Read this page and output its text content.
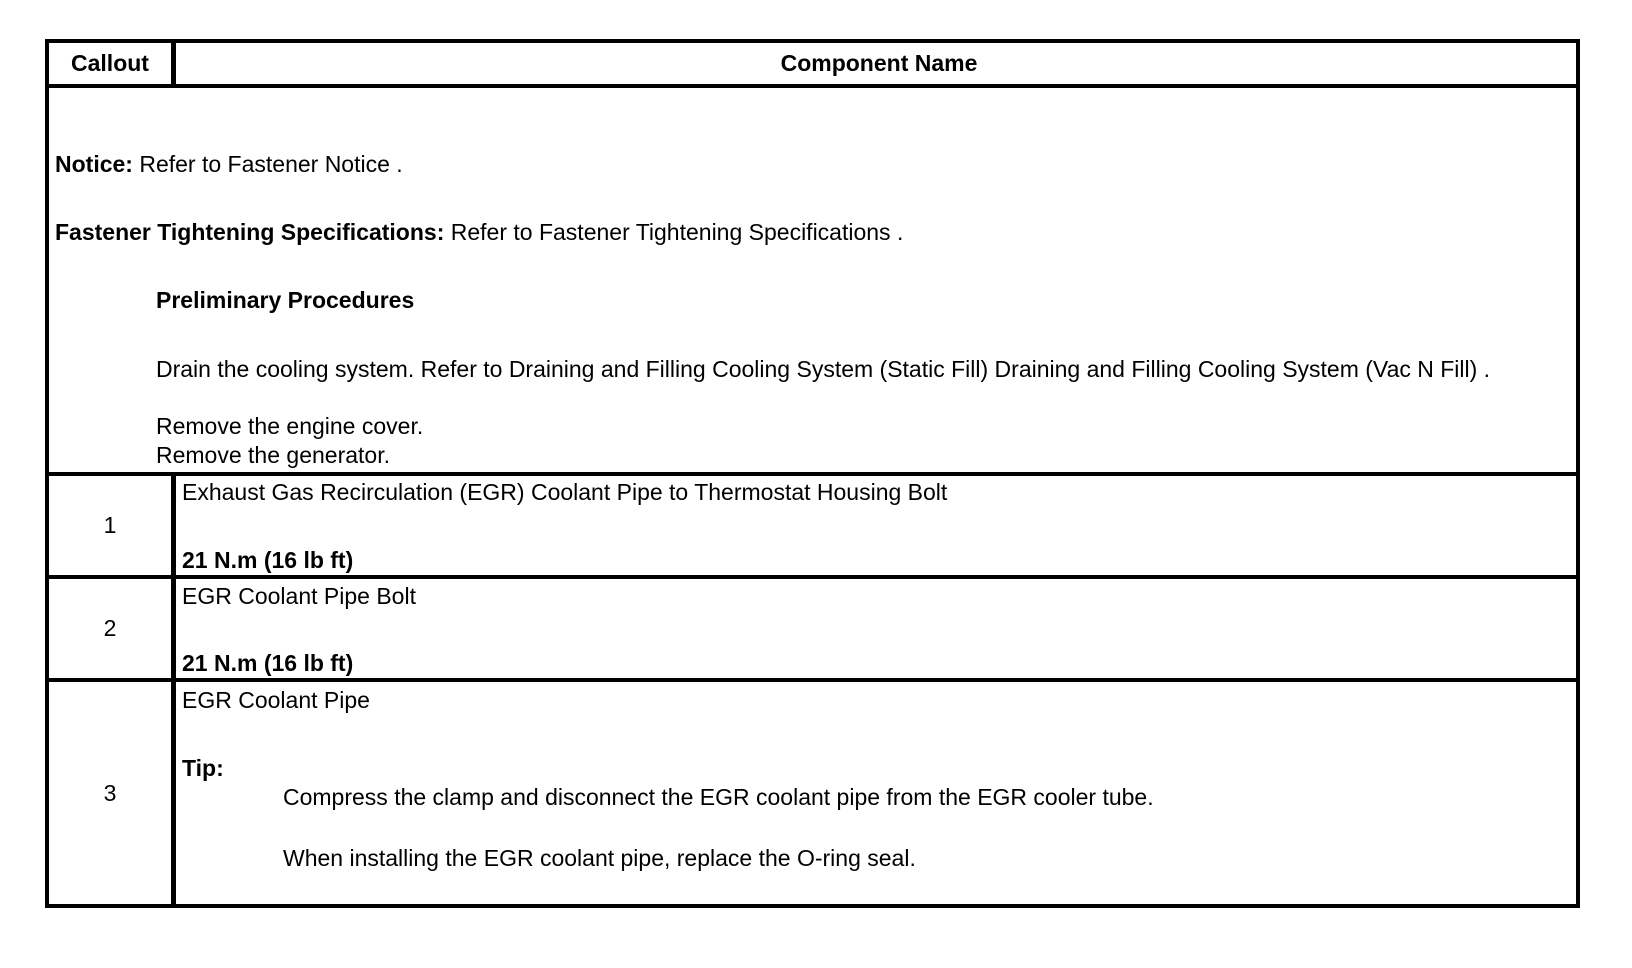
Callout	Component Name
Notice: Refer to Fastener Notice .
Fastener Tightening Specifications: Refer to Fastener Tightening Specifications .
Preliminary Procedures
Drain the cooling system. Refer to Draining and Filling Cooling System (Static Fill) Draining and Filling Cooling System (Vac N Fill) .
Remove the engine cover.
Remove the generator.
1
Exhaust Gas Recirculation (EGR) Coolant Pipe to Thermostat Housing Bolt
21 N.m (16 lb ft)
2
EGR Coolant Pipe Bolt
21 N.m (16 lb ft)
3
EGR Coolant Pipe
Tip:
Compress the clamp and disconnect the EGR coolant pipe from the EGR cooler tube.
When installing the EGR coolant pipe, replace the O-ring seal.
